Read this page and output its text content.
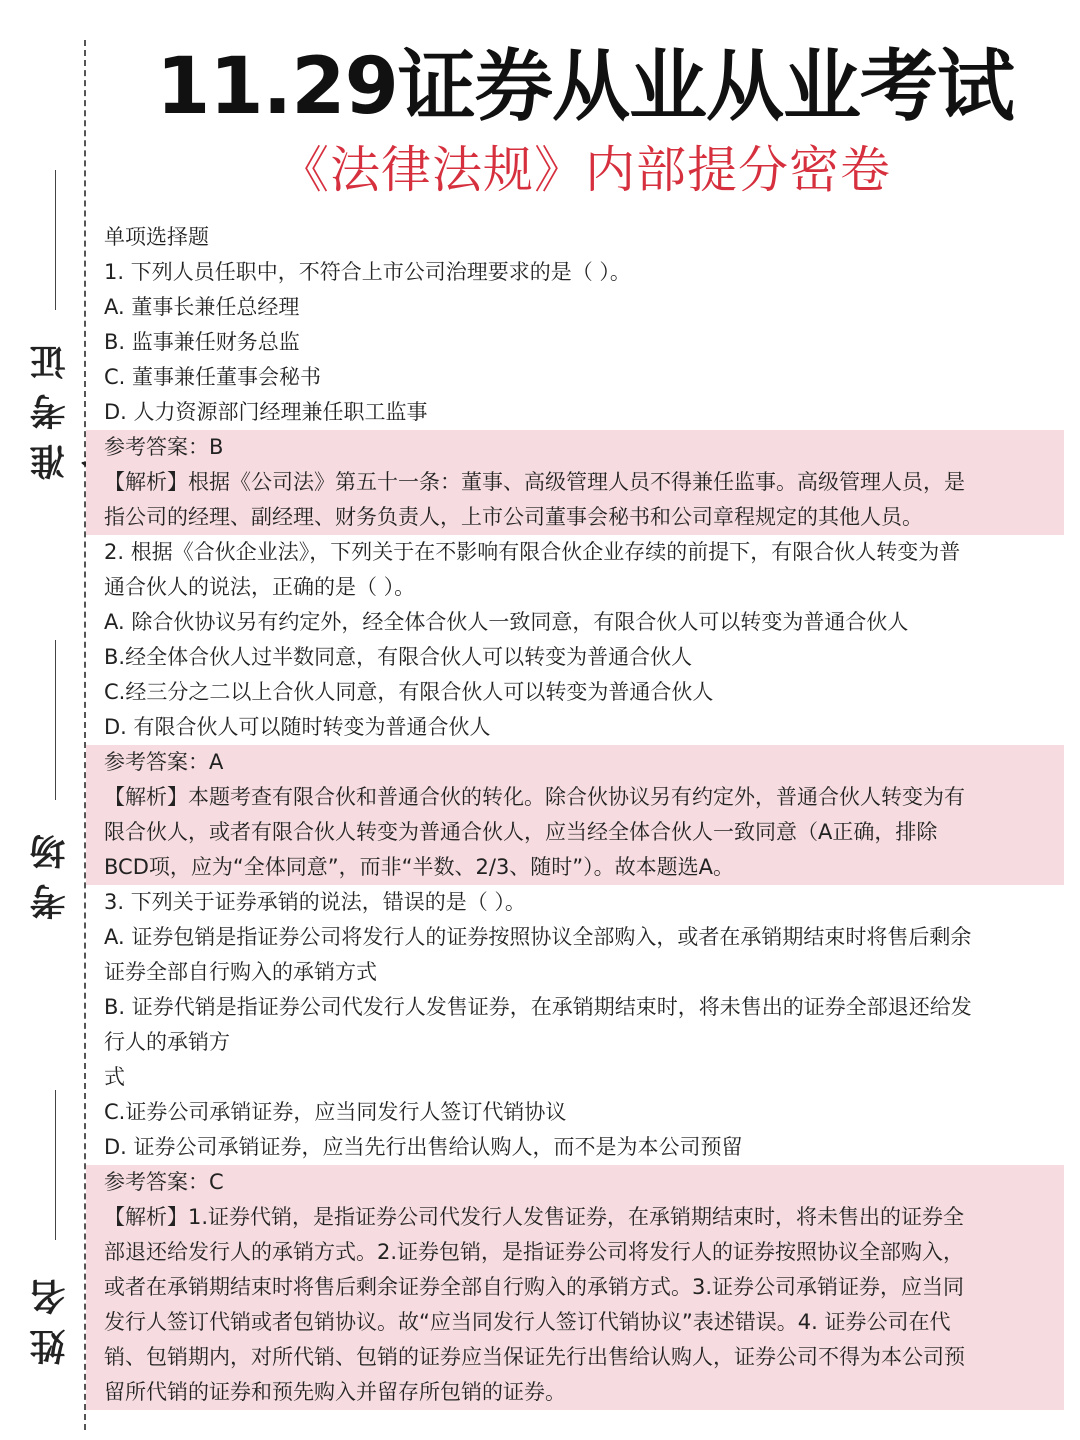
准考证
考场
姓名
11.29证券从业从业考试
《法律法规》内部提分密卷
单项选择题
1. 下列人员任职中，不符合上市公司治理要求的是（ ）。
A. 董事长兼任总经理
B. 监事兼任财务总监
C. 董事兼任董事会秘书
D. 人力资源部门经理兼任职工监事
参考答案：B
【解析】根据《公司法》第五十一条：董事、高级管理人员不得兼任监事。高级管理人员，是
指公司的经理、副经理、财务负责人，上市公司董事会秘书和公司章程规定的其他人员。
2. 根据《合伙企业法》，下列关于在不影响有限合伙企业存续的前提下，有限合伙人转变为普
通合伙人的说法，正确的是（ ）。
A. 除合伙协议另有约定外，经全体合伙人一致同意，有限合伙人可以转变为普通合伙人
B.经全体合伙人过半数同意，有限合伙人可以转变为普通合伙人
C.经三分之二以上合伙人同意，有限合伙人可以转变为普通合伙人
D. 有限合伙人可以随时转变为普通合伙人
参考答案：A
【解析】本题考查有限合伙和普通合伙的转化。除合伙协议另有约定外，普通合伙人转变为有
限合伙人，或者有限合伙人转变为普通合伙人，应当经全体合伙人一致同意（A正确，排除
BCD项，应为“全体同意”，而非“半数、2/3、随时”）。故本题选A。
3. 下列关于证券承销的说法，错误的是（ ）。
A. 证券包销是指证券公司将发行人的证券按照协议全部购入，或者在承销期结束时将售后剩余
证券全部自行购入的承销方式
B. 证券代销是指证券公司代发行人发售证券，在承销期结束时，将未售出的证券全部退还给发
行人的承销方
式
C.证券公司承销证券，应当同发行人签订代销协议
D. 证券公司承销证券，应当先行出售给认购人，而不是为本公司预留
参考答案：C
【解析】1.证券代销，是指证券公司代发行人发售证券，在承销期结束时，将未售出的证券全
部退还给发行人的承销方式。2.证券包销，是指证券公司将发行人的证券按照协议全部购入，
或者在承销期结束时将售后剩余证券全部自行购入的承销方式。3.证券公司承销证券，应当同
发行人签订代销或者包销协议。故“应当同发行人签订代销协议”表述错误。4. 证券公司在代
销、包销期内，对所代销、包销的证券应当保证先行出售给认购人，证券公司不得为本公司预
留所代销的证券和预先购入并留存所包销的证券。
